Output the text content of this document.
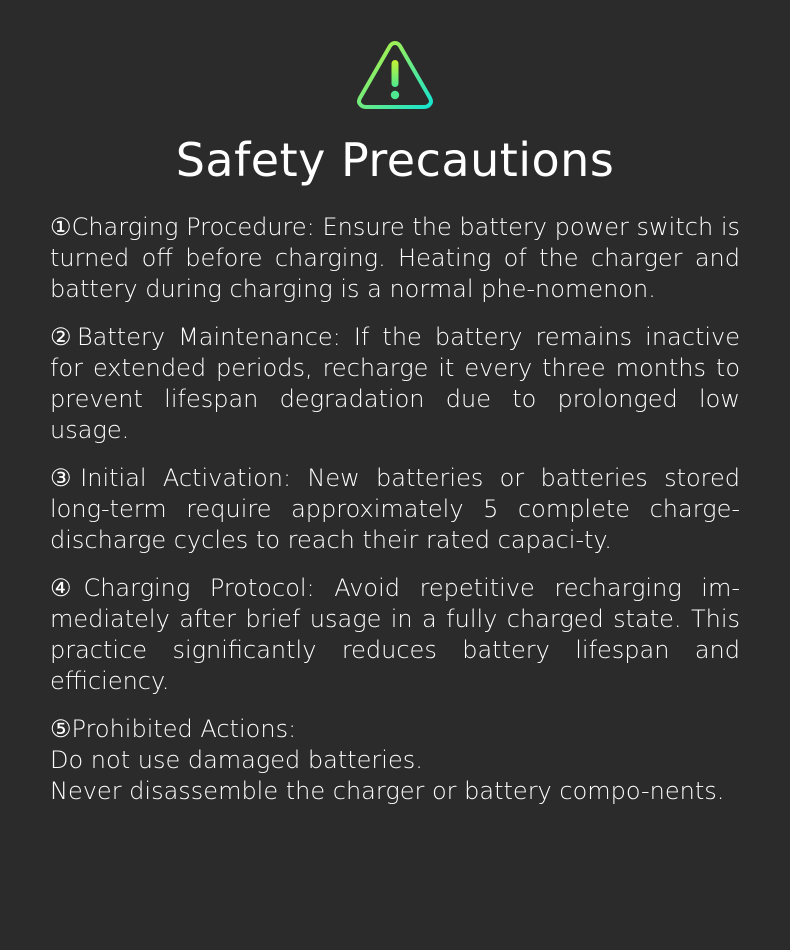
Safety Precautions

①Charging Procedure: Ensure the battery power switch is turned off before charging. Heating of the charger and battery during charging is a normal phe-nomenon.

②Battery Maintenance: If the battery remains inactive for extended periods, recharge it every three months to prevent lifespan degradation due to prolonged low usage.

③Initial Activation: New batteries or batteries stored long-term require approximately 5 complete charge-discharge cycles to reach their rated capaci-ty.

④Charging Protocol: Avoid repetitive recharging im-mediately after brief usage in a fully charged state. This practice significantly reduces battery lifespan and efficiency.

⑤Prohibited Actions:
Do not use damaged batteries.
Never disassemble the charger or battery compo-nents.
